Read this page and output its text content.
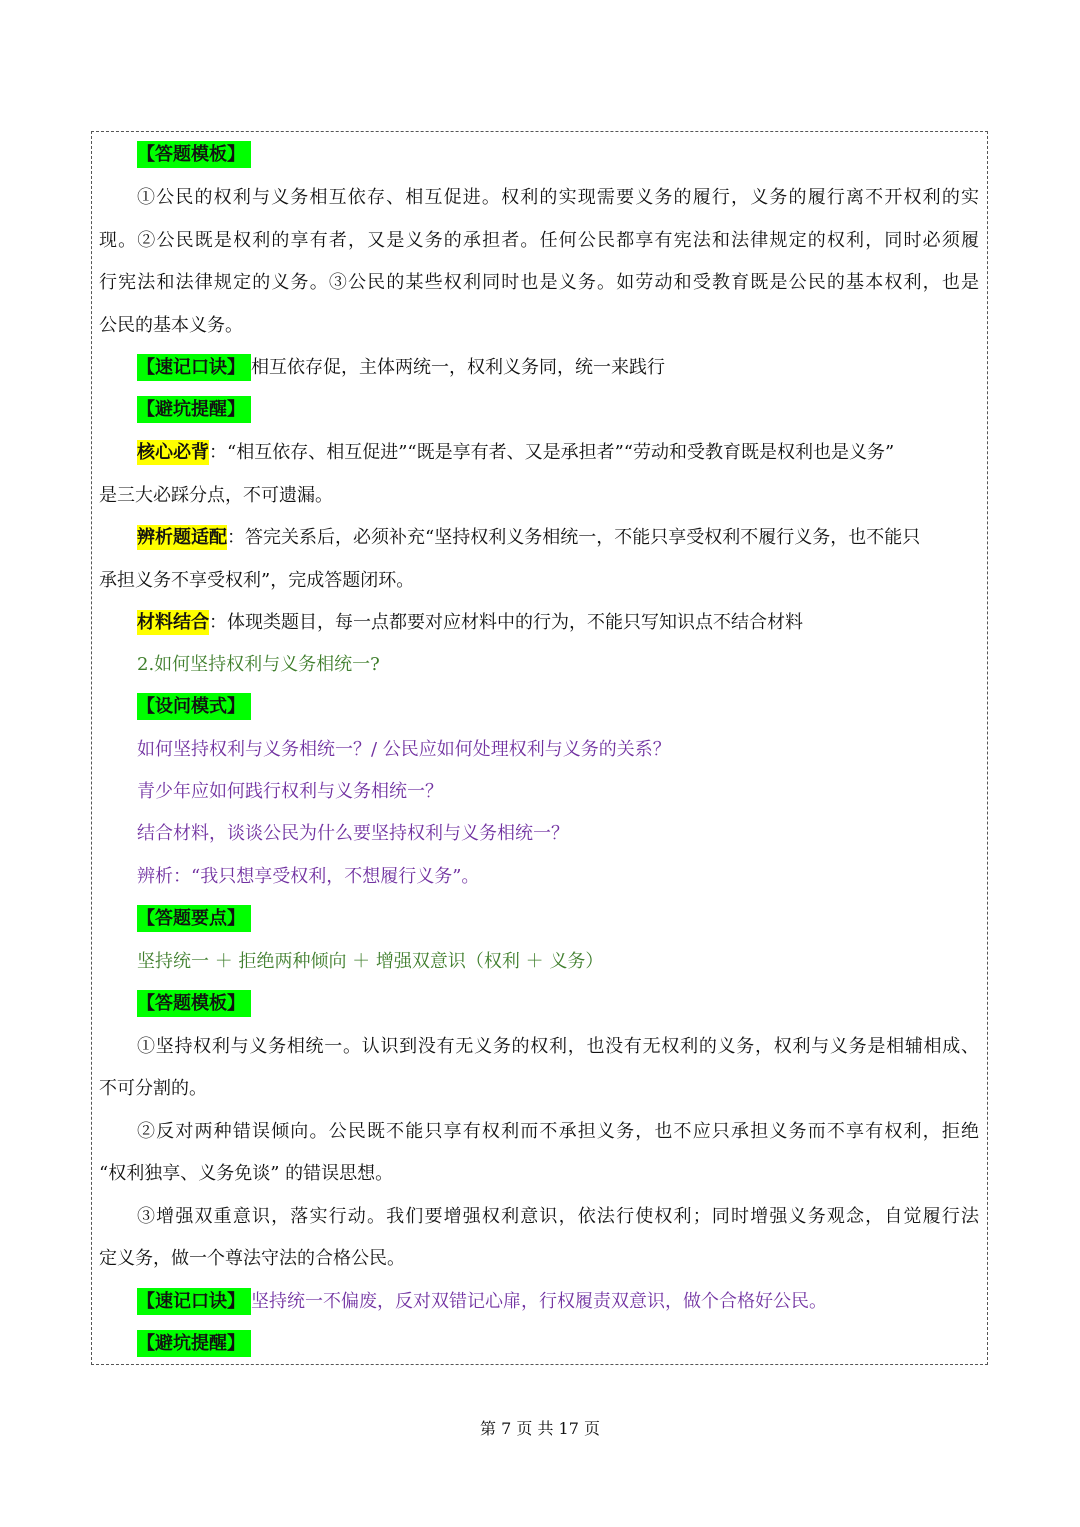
【答题模板】
①公民的权利与义务相互依存、相互促进。权利的实现需要义务的履行，义务的履行离不开权利的实
现。②公民既是权利的享有者，又是义务的承担者。任何公民都享有宪法和法律规定的权利，同时必须履
行宪法和法律规定的义务。③公民的某些权利同时也是义务。如劳动和受教育既是公民的基本权利，也是
公民的基本义务。
【速记口诀】 相互依存促，主体两统一，权利义务同，统一来践行
【避坑提醒】
核心必背：“相互依存、相互促进”“既是享有者、又是承担者”“劳动和受教育既是权利也是义务”
是三大必踩分点，不可遗漏。
辨析题适配：答完关系后，必须补充“坚持权利义务相统一，不能只享受权利不履行义务，也不能只
承担义务不享受权利”，完成答题闭环。
材料结合：体现类题目，每一点都要对应材料中的行为，不能只写知识点不结合材料
2.如何坚持权利与义务相统一?
【设问模式】
如何坚持权利与义务相统一？/ 公民应如何处理权利与义务的关系？
青少年应如何践行权利与义务相统一？
结合材料，谈谈公民为什么要坚持权利与义务相统一？
辨析：“我只想享受权利，不想履行义务”。
【答题要点】
坚持统一 ＋ 拒绝两种倾向 ＋ 增强双意识（权利 ＋ 义务）
【答题模板】
①坚持权利与义务相统一。认识到没有无义务的权利，也没有无权利的义务，权利与义务是相辅相成、
不可分割的。
②反对两种错误倾向。公民既不能只享有权利而不承担义务，也不应只承担义务而不享有权利，拒绝
“权利独享、义务免谈” 的错误思想。
③增强双重意识，落实行动。我们要增强权利意识，依法行使权利；同时增强义务观念，自觉履行法
定义务，做一个尊法守法的合格公民。
【速记口诀】 坚持统一不偏废，反对双错记心扉，行权履责双意识，做个合格好公民。
【避坑提醒】
第 7 页 共 17 页
